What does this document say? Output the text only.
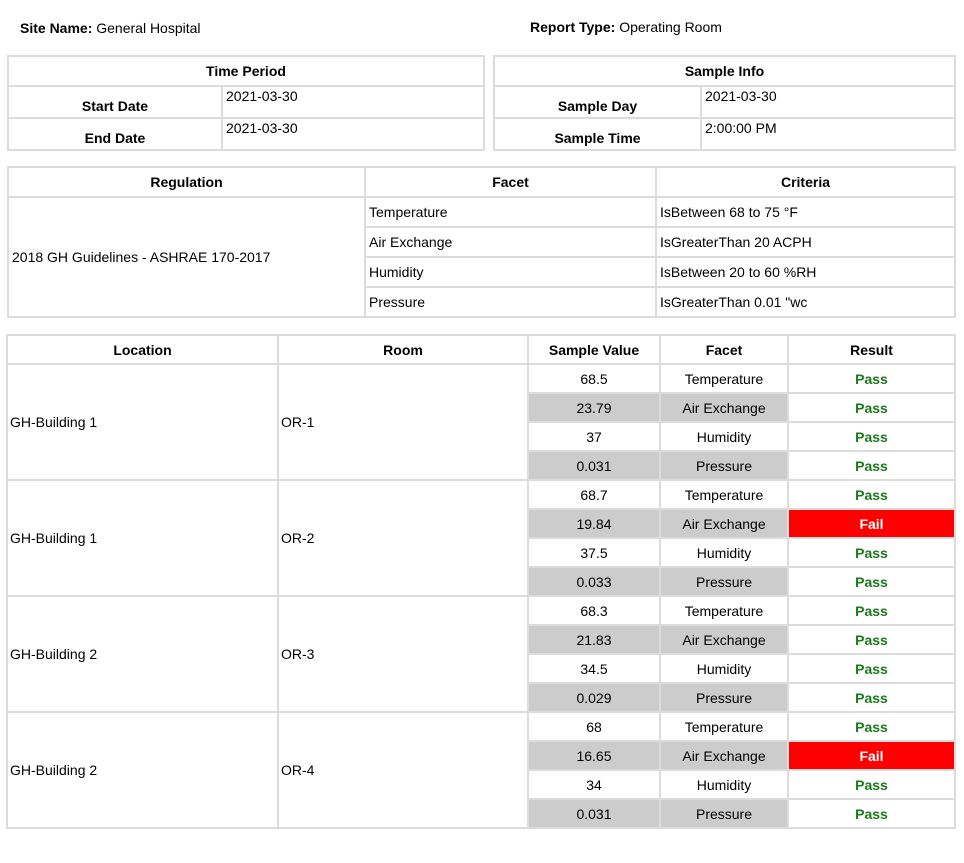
Site Name: General Hospital	Report Type: Operating Room
Time Period	
Start Date	2021-03-30
End Date	2021-03-30
Sample Info	
Sample Day	2021-03-30
Sample Time	2:00:00 PM
Regulation	Facet	Criteria
2018 GH Guidelines - ASHRAE 170-2017	Temperature	IsBetween 68 to 75 °F
	Air Exchange	IsGreaterThan 20 ACPH
	Humidity	IsBetween 20 to 60 %RH
	Pressure	IsGreaterThan 0.01 "wc
Location	Room	Sample Value	Facet	Result
GH-Building 1	OR-1	68.5	Temperature	Pass
		23.79	Air Exchange	Pass
		37	Humidity	Pass
		0.031	Pressure	Pass
GH-Building 1	OR-2	68.7	Temperature	Pass
		19.84	Air Exchange	Fail
		37.5	Humidity	Pass
		0.033	Pressure	Pass
GH-Building 2	OR-3	68.3	Temperature	Pass
		21.83	Air Exchange	Pass
		34.5	Humidity	Pass
		0.029	Pressure	Pass
GH-Building 2	OR-4	68	Temperature	Pass
		16.65	Air Exchange	Fail
		34	Humidity	Pass
		0.031	Pressure	Pass
